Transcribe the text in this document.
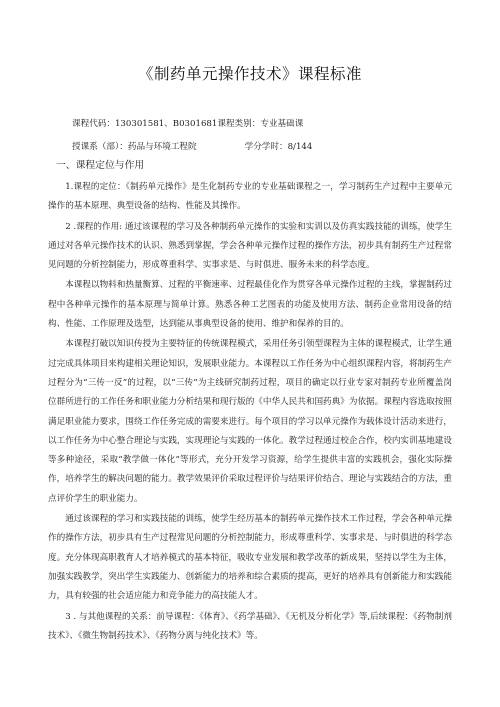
《制药单元操作技术》课程标准
课程代码：130301581、B0301681课程类别：专业基础课
授课系（部）：药品与环境工程院	学分学时：8/144
一、课程定位与作用

1.课程的定位：《制药单元操作》是生化制药专业的专业基础课程之一，学习制药生产过程中主要单元操作的基本原理、典型设备的结构、性能及其操作。

2 .课程的作用: 通过该课程的学习及各种制药单元操作的实验和实训以及仿真实践技能的训练，使学生通过对各单元操作技术的认识、熟悉到掌握，学会各种单元操作过程的操作方法，初步具有制药生产过程常见问题的分析控制能力，形成尊重科学、实事求是、与时俱进、服务未来的科学态度。

本课程以物料和热量衡算、过程的平衡速率、过程最佳化作为贯穿各单元操作过程的主线，掌握制药过程中各种单元操作的基本原理与简单计算。熟悉各种工艺图表的功能及使用方法、制药企业常用设备的结构、性能、工作原理及选型，达到能从事典型设备的使用、维护和保养的目的。

本课程打破以知识传授为主要特征的传统课程模式，采用任务引领型课程为主体的课程模式，让学生通过完成具体项目来构建相关理论知识，发展职业能力。本课程以工作任务为中心组织课程内容，将制药生产过程分为“三传一反”的过程，以“三传”为主线研究制药过程，项目的确定以行业专家对制药专业所覆盖岗位群所进行的工作任务和职业能力分析结果和现行版的《中华人民共和国药典》为依据。课程内容选取按照满足职业能力要求，围绕工作任务完成的需要来进行。每个项目的学习以单元操作为载体设计活动来进行，以工作任务为中心整合理论与实践，实现理论与实践的一体化。教学过程通过校企合作，校内实训基地建设等多种途径，采取“教学做一体化”等形式，充分开发学习资源，给学生提供丰富的实践机会，强化实际操作，培养学生的解决问题的能力。教学效果评价采取过程评价与结果评价结合、理论与实践结合的方法，重点评价学生的职业能力。

通过该课程的学习和实践技能的训练，使学生经历基本的制药单元操作技术工作过程，学会各种单元操作的操作方法，初步具有生产过程常见问题的分析控制能力，形成尊重科学、实事求是、与时俱进的科学态度。充分体现高职教育人才培养模式的基本特征，吸收专业发展和教学改革的新成果，坚持以学生为主体，加强实践教学，突出学生实践能力、创新能力的培养和综合素质的提高，更好的培养具有创新能力和实践能力，具有较强的社会适应能力和竞争能力的高技能人才。

3 . 与其他课程的关系：前导课程：《体育》、《药学基础》、《无机及分析化学》等,后续课程：《药物制剂技术》、《微生物制药技术》、《药物分离与纯化技术》等。
